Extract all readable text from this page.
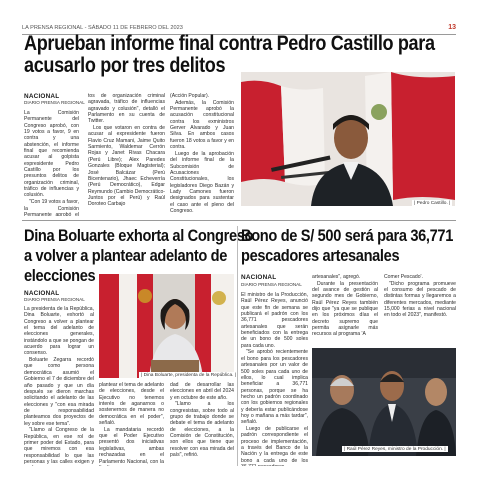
LA PRENSA REGIONAL - SÁBADO 11 DE FEBRERO DEL 2023	13
Aprueban informe final contra Pedro Castillo para
acusarlo por tres delitos
NACIONAL
DIARIO PRENSA REGIONAL

La Comisión Permanente del Congreso aprobó, con 19 votos a favor, 9 en contra y una abstención, el informe final que recomienda acusar al golpista expresidente Pedro Castillo por los presuntos delitos de organización criminal, tráfico de influencias y colusión.

"Con 19 votos a favor, la Comisión Permanente aprobó el

tos de organización criminal agravada, tráfico de influencias agravado y colusión", detalló el Parlamento en su cuenta de Twitter.

Los que votaron en contra de acusar al expresidente fueron Flavio Cruz Mamani, Jaime Quito Sarmiento, Waldemar Cerrón Rojas y Janet Rivas Chacara (Perú Libre); Alex Paredes Gonzales (Bloque Magisterial); José Balcázar (Perú Bicentenario), Jhaec Echeverría (Perú Democrático), Edgar Reymundo (Cambio Democrático-Juntos por el Perú) y Raúl Doroteo Carbajo

(Acción Popular).

Además, la Comisión Permanente aprobó la acusación constitucional contra los exministros Gerver Alvarado y Juan Silva. En ambos casos fueron 18 votos a favor y en contra.

Luego de la aprobación del informe final de la Subcomisión de Acusaciones Constitucionales, los legisladores Diego Bazán y Lady Camones fueron designados para sustentar el caso ante el pleno del Congreso.

| Pedro Castillo. |
Dina Boluarte exhorta al Congreso
a volver a plantear adelanto de
elecciones
NACIONAL
DIARIO PRENSA REGIONAL

La presidenta de la República, Dina Boluarte, exhortó al Congreso a volver a plantear el tema del adelanto de elecciones generales, instándolo a que se pongan de acuerdo para lograr un consenso.

Boluarte Zegarra recordó que como persona democrática asumió el Gobierno el 7 de diciembre del año pasado y que un día después se dieron marchas solicitando el adelanto de las elecciones y "con esa mirada de responsabilidad planteamos dos proyectos de ley sobre ese tema".

"Llamo al Congreso de la República, en ese rol de primer poder del Estado, para que miremos con esa responsabilidad lo que las personas y las calles exigen y

| Dina Boluarte, presidenta de la República. |

plantear el tema de adelanto de elecciones, desde el Ejecutivo no tenemos interés de aganarnos o sostenernos de manera no democrática en el poder", señaló.

La mandataria recordó que el Poder Ejecutivo presentó dos iniciativas legislativas, ambas rechazadas en el Parlamento Nacional, con la

dad de desarrollar las elecciones en abril del 2024 y en octubre de este año.

"Llamo a los congresistas, sobre todo al grupo de trabajo donde se debate el tema de adelanto de elecciones, a la Comisión de Constitución, son ellos que tiene que resolver con esa mirada del país", refirió.

Bono de S/ 500 será para 36,771
pescadores artesanales
NACIONAL
DIARIO PRENSA REGIONAL

El ministro de la Producción, Raúl Pérez Reyes, anunció que este fin de semana se publicará el padrón con los 36,771 pescadores artesanales que serán beneficiados con la entrega de un bono de 500 soles para cada uno.

"Se aprobó recientemente el bono para los pescadores artesanales por un valor de 500 soles para cada uno de ellos, lo cual implica beneficiar a 36,771 personas, porque se ha hecho un padrón coordinado con los gobiernos regionales y debería estar publicándose hoy o mañana a más tardar", señaló.

Luego de publicarse el padrón correspondiente el proceso de implementación, a través del Banco de la Nación y la entrega de este bono a cada uno de los

artesanales", agregó.

Durante la presentación del avance de gestión al segundo mes de Gobierno, Raúl Pérez Reyes también dijo que "ya que se publique en los próximos días el decreto supremo que permita asignarle más recursos al programa 'A

Comer Pescado'.

"Dicho programa promueve el consumo del pescado de distintas formas y llegaremos a diferentes mercados, mediante 15,000 ferias a nivel nacional en todo el 2023", manifestó.

| Raúl Pérez Reyes, ministro de la Producción. |
